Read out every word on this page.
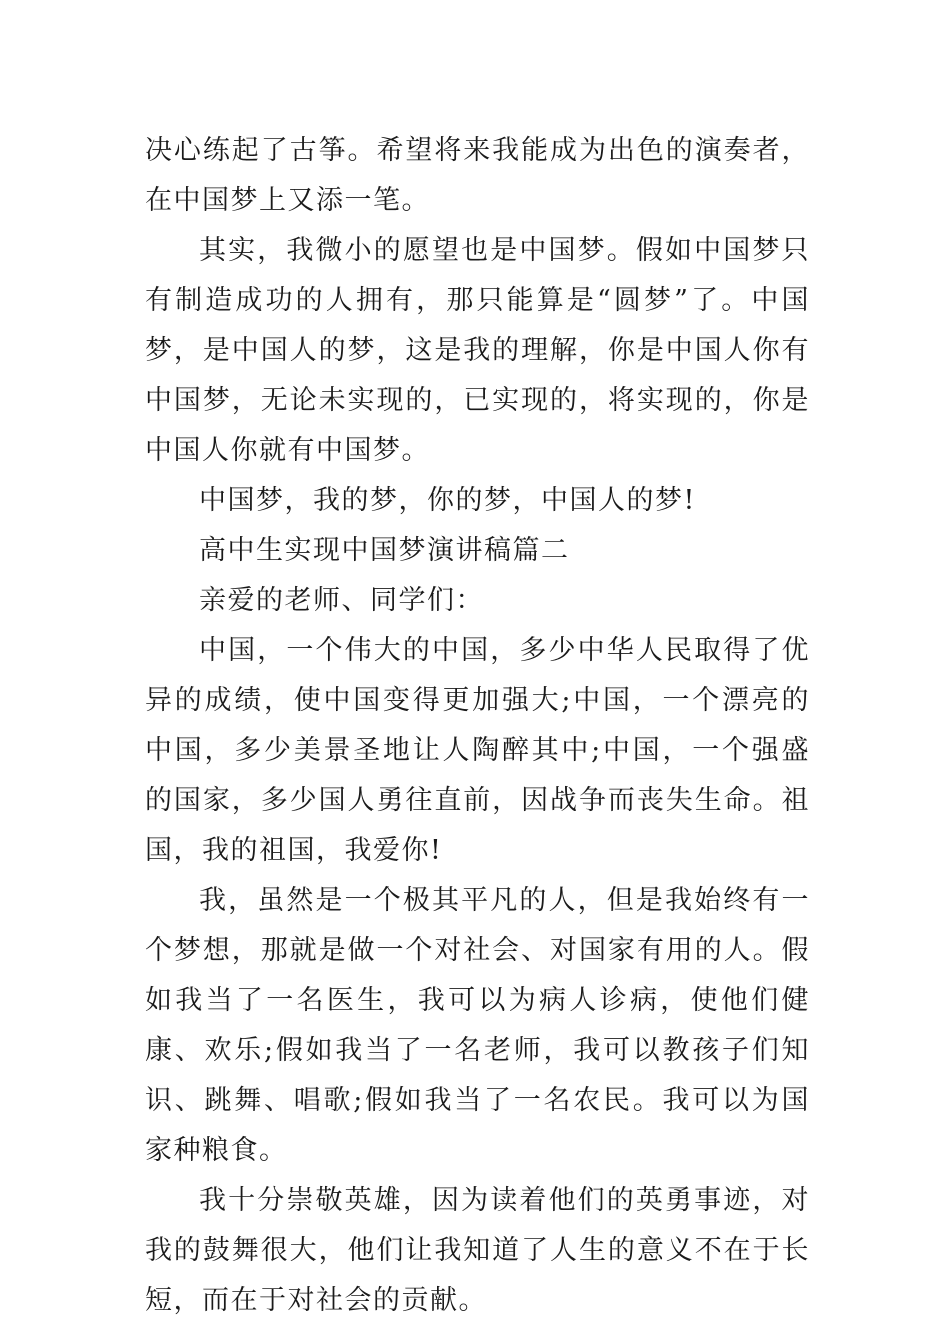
决心练起了古筝。希望将来我能成为出色的演奏者，在中国梦上又添一笔。

其实，我微小的愿望也是中国梦。假如中国梦只有制造成功的人拥有，那只能算是“圆梦”了。中国梦，是中国人的梦，这是我的理解，你是中国人你有中国梦，无论未实现的，已实现的，将实现的，你是中国人你就有中国梦。

中国梦，我的梦，你的梦，中国人的梦!

高中生实现中国梦演讲稿篇二

亲爱的老师、同学们：

中国，一个伟大的中国，多少中华人民取得了优异的成绩，使中国变得更加强大;中国，一个漂亮的中国，多少美景圣地让人陶醉其中;中国，一个强盛的国家，多少国人勇往直前，因战争而丧失生命。祖国，我的祖国，我爱你!

我，虽然是一个极其平凡的人，但是我始终有一个梦想，那就是做一个对社会、对国家有用的人。假如我当了一名医生，我可以为病人诊病，使他们健康、欢乐;假如我当了一名老师，我可以教孩子们知识、跳舞、唱歌;假如我当了一名农民。我可以为国家种粮食。

我十分崇敬英雄，因为读着他们的英勇事迹，对我的鼓舞很大，他们让我知道了人生的意义不在于长短，而在于对社会的贡献。
